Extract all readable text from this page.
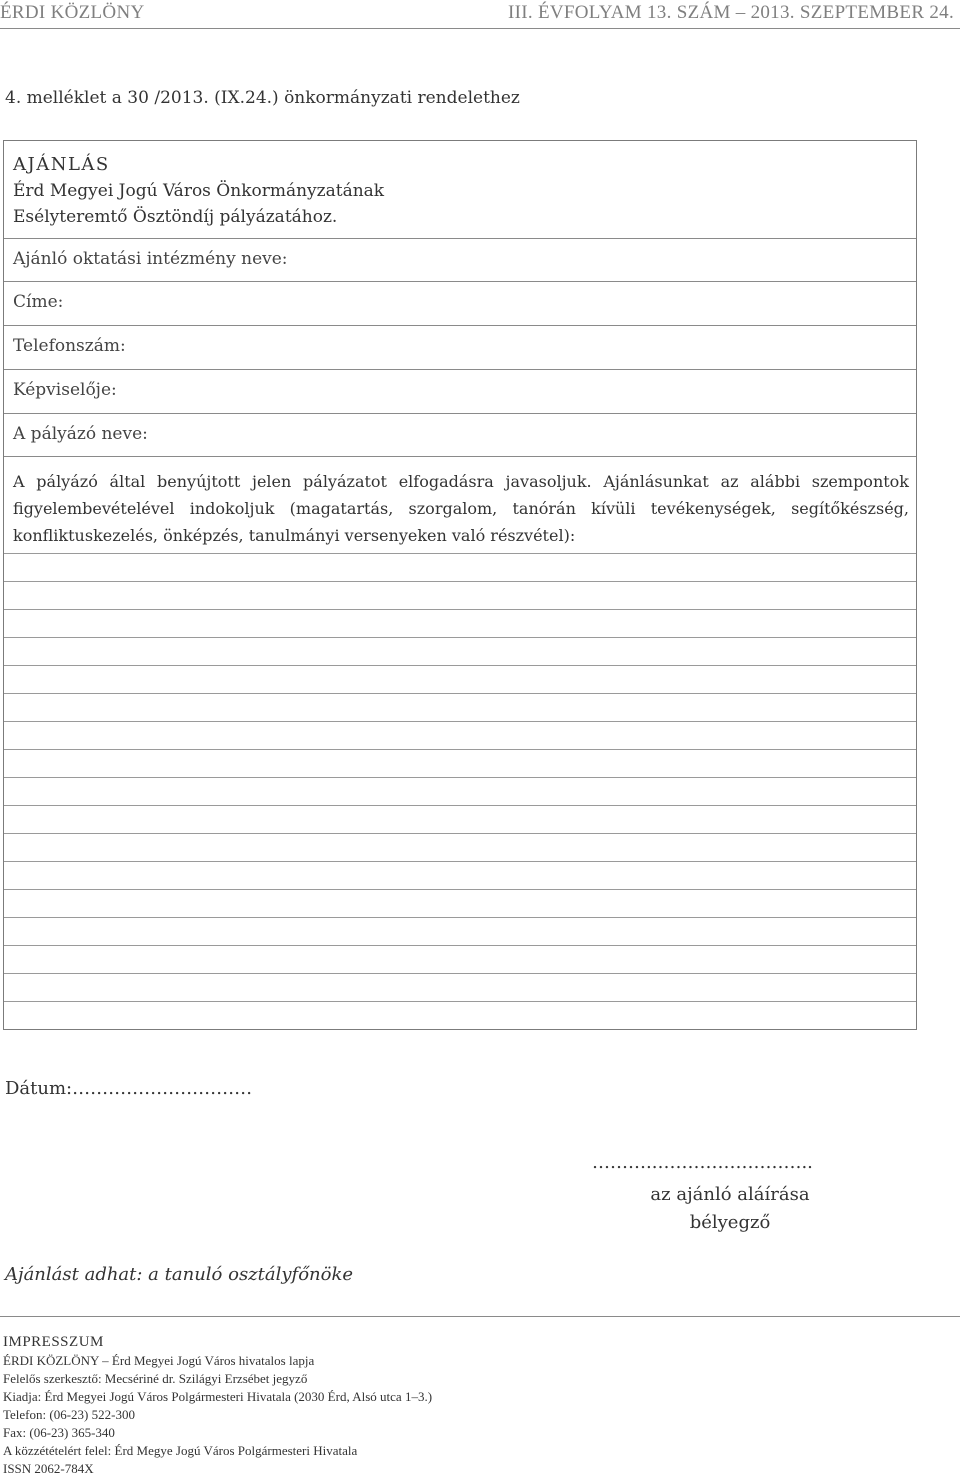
ÉRDI KÖZLÖNY	III. ÉVFOLYAM 13. SZÁM – 2013. SZEPTEMBER 24.
4. melléklet a 30 /2013. (IX.24.) önkormányzati rendelethez
AJÁNLÁS
Érd Megyei Jogú Város Önkormányzatának
Esélyteremtő Ösztöndíj pályázatához.
Ajánló oktatási intézmény neve:
Címe:
Telefonszám:
Képviselője:
A pályázó neve:
A pályázó által benyújtott jelen pályázatot elfogadásra javasoljuk. Ajánlásunkat az alábbi szempontok figyelembevételével indokoljuk (magatartás, szorgalom, tanórán kívüli tevékenységek, segítőkészség, konfliktuskezelés, önképzés, tanulmányi versenyeken való részvétel):
Dátum:…………………………
………..……………………..
az ajánló aláírása
bélyegző
Ajánlást adhat: a tanuló osztályfőnöke
IMPRESSZUM
ÉRDI KÖZLÖNY – Érd Megyei Jogú Város hivatalos lapja
Felelős szerkesztő: Mecsériné dr. Szilágyi Erzsébet jegyző
Kiadja: Érd Megyei Jogú Város Polgármesteri Hivatala (2030 Érd, Alsó utca 1–3.)
Telefon: (06-23) 522-300
Fax: (06-23) 365-340
A közzétételért felel: Érd Megye Jogú Város Polgármesteri Hivatala
ISSN 2062-784X
